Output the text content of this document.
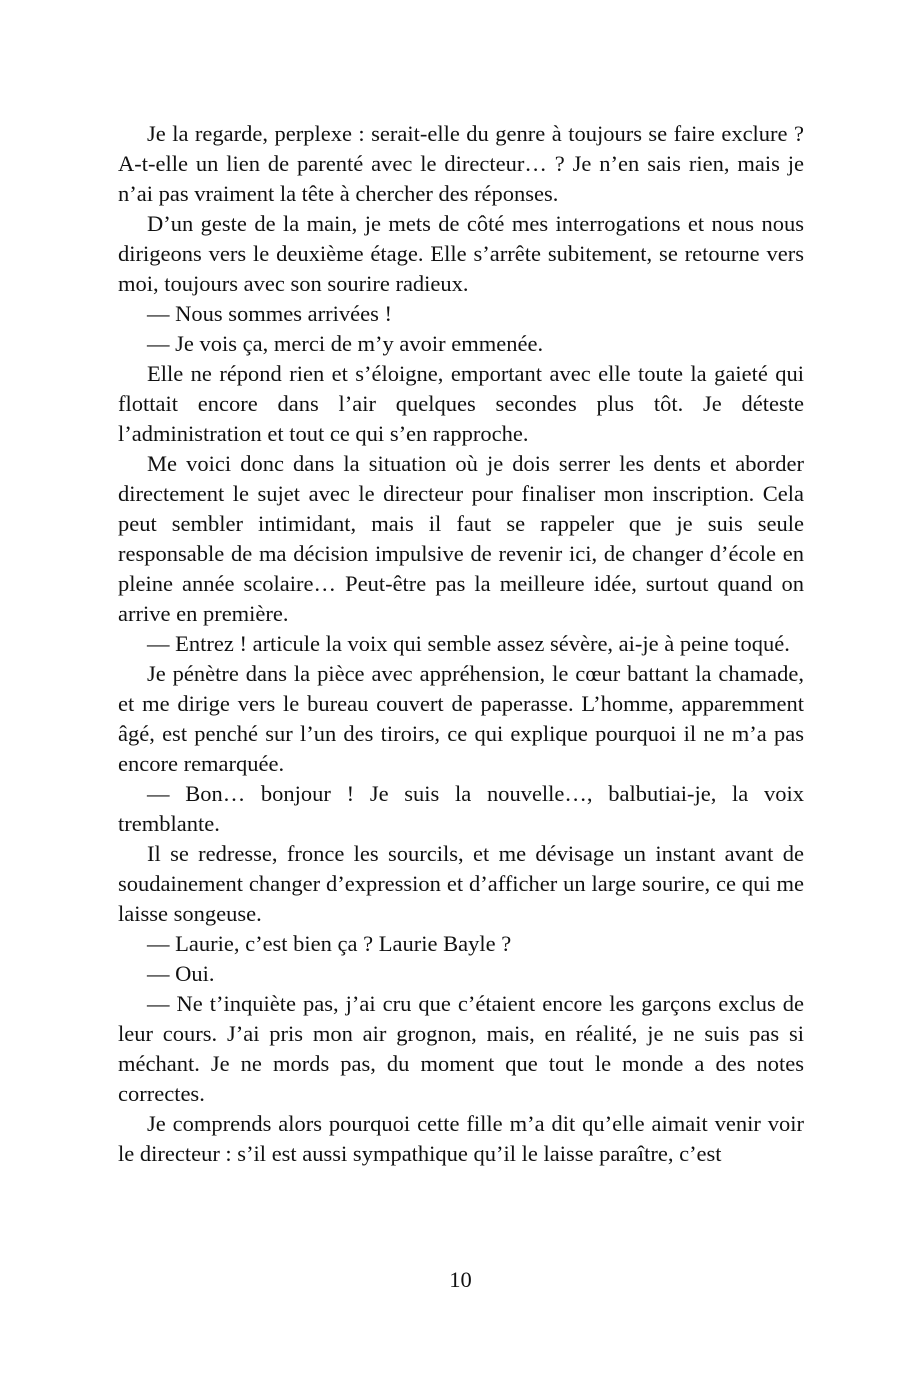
Je la regarde, perplexe : serait-elle du genre à toujours se faire exclure ? A-t-elle un lien de parenté avec le directeur… ? Je n’en sais rien, mais je n’ai pas vraiment la tête à chercher des réponses.

D’un geste de la main, je mets de côté mes interrogations et nous nous dirigeons vers le deuxième étage. Elle s’arrête subitement, se retourne vers moi, toujours avec son sourire radieux.

— Nous sommes arrivées !

— Je vois ça, merci de m’y avoir emmenée.

Elle ne répond rien et s’éloigne, emportant avec elle toute la gaieté qui flottait encore dans l’air quelques secondes plus tôt. Je déteste l’administration et tout ce qui s’en rapproche.

Me voici donc dans la situation où je dois serrer les dents et aborder directement le sujet avec le directeur pour finaliser mon inscription. Cela peut sembler intimidant, mais il faut se rappeler que je suis seule responsable de ma décision impulsive de revenir ici, de changer d’école en pleine année scolaire… Peut-être pas la meilleure idée, surtout quand on arrive en première.

— Entrez ! articule la voix qui semble assez sévère, ai-je à peine toqué.

Je pénètre dans la pièce avec appréhension, le cœur battant la chamade, et me dirige vers le bureau couvert de paperasse. L’homme, apparemment âgé, est penché sur l’un des tiroirs, ce qui explique pourquoi il ne m’a pas encore remarquée.

— Bon… bonjour ! Je suis la nouvelle…, balbutiai-je, la voix tremblante.

Il se redresse, fronce les sourcils, et me dévisage un instant avant de soudainement changer d’expression et d’afficher un large sourire, ce qui me laisse songeuse.

— Laurie, c’est bien ça ? Laurie Bayle ?

— Oui.

— Ne t’inquiète pas, j’ai cru que c’étaient encore les garçons exclus de leur cours. J’ai pris mon air grognon, mais, en réalité, je ne suis pas si méchant. Je ne mords pas, du moment que tout le monde a des notes correctes.

Je comprends alors pourquoi cette fille m’a dit qu’elle aimait venir voir le directeur : s’il est aussi sympathique qu’il le laisse paraître, c’est

10
